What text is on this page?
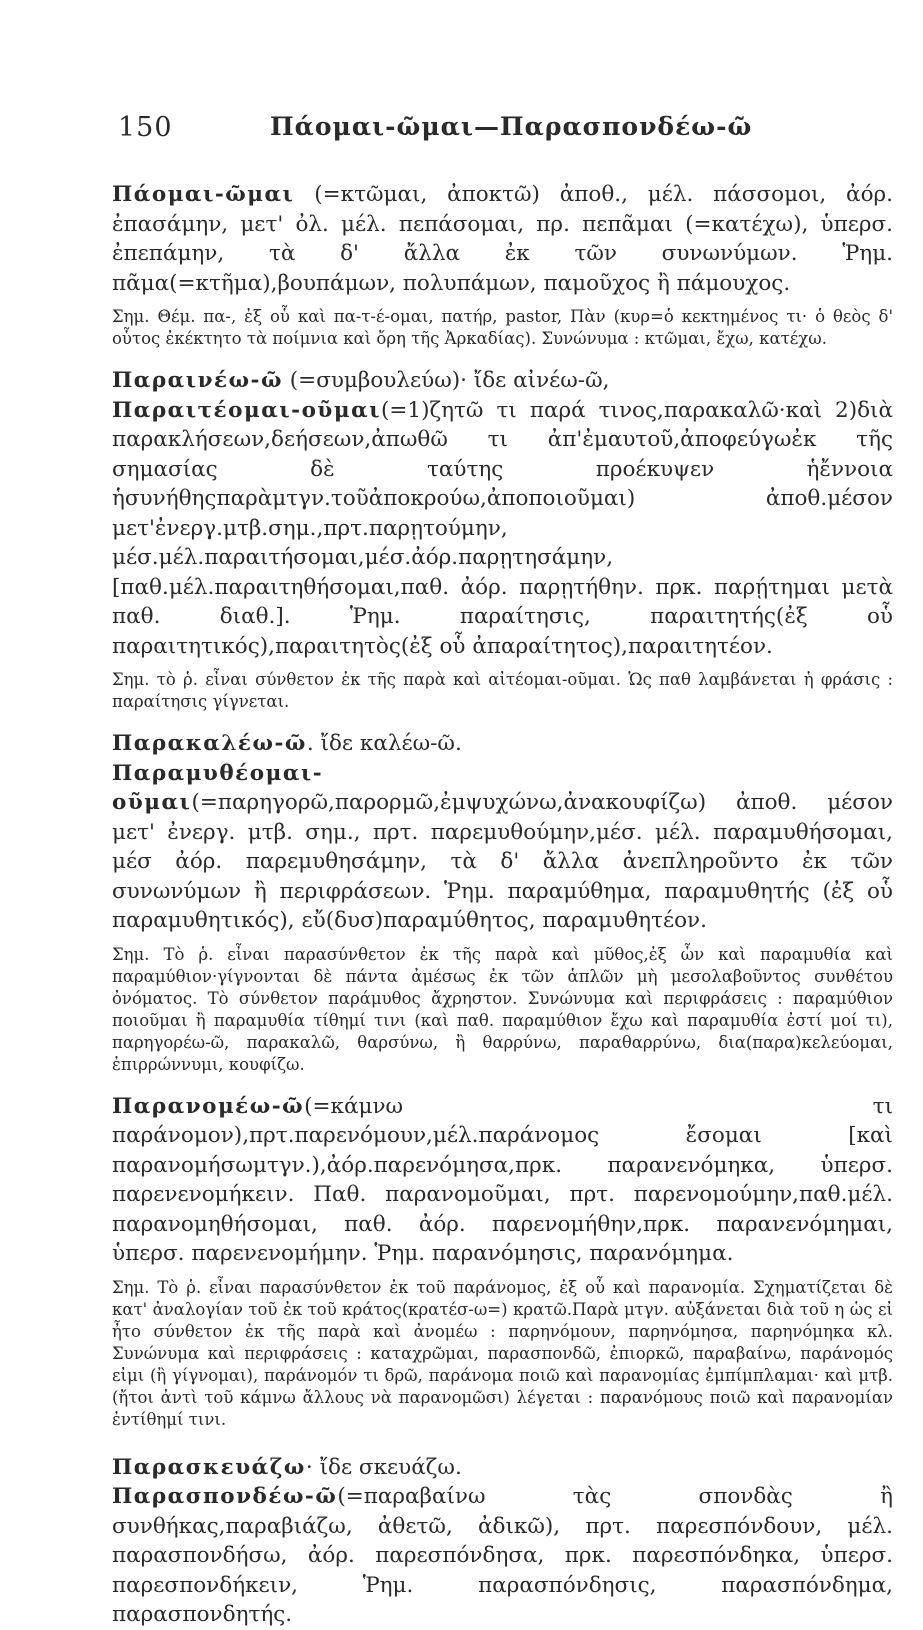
150	Πάομαι-ῶμαι—Παρασπονδέω-ῶ

Πάομαι-ῶμαι (=κτῶμαι, ἀποκτῶ) ἀποθ., μέλ. πάσσομοι, ἀόρ. ἐπασάμην, μετ' ὀλ. μέλ. πεπάσομαι, πρ. πεπᾶμαι (=κατέχω), ὑπερσ. ἐπεπάμην, τὰ δ' ἄλλα ἐκ τῶν συνωνύμων. Ῥημ. πᾶμα(=κτῆμα),βουπάμων, πολυπάμων, παμοῦχος ἢ πάμουχος.

Σημ. Θέμ. πα-, ἐξ οὗ καὶ πα-τ-έ-ομαι, πατήρ, pastor, Πὰν (κυρ=ὁ κεκτημένος τι· ὁ θεὸς δ' οὗτος ἐκέκτητο τὰ ποίμνια καὶ ὄρη τῆς Ἀρκαδίας). Συνώνυμα : κτῶμαι, ἔχω, κατέχω.

Παραινέω-ῶ (=συμβουλεύω)· ἴδε αἰνέω-ῶ,

Παραιτέομαι-οῦμαι(=1)ζητῶ τι παρά τινος,παρακαλῶ·καὶ 2)διὰ παρακλήσεων,δεήσεων,ἀπωθῶ τι ἀπ'ἐμαυτοῦ,ἀποφεύγωἐκ τῆς σημασίας δὲ ταύτης προέκυψεν ἡἔννοια ἡσυνήθηςπαρὰμτγν.τοῦἀποκρούω,ἀποποιοῦμαι) ἀποθ.μέσον μετ'ἐνεργ.μτβ.σημ.,πρτ.παρῃτούμην, μέσ.μέλ.παραιτήσομαι,μέσ.ἀόρ.παρῃτησάμην,[παθ.μέλ.παραιτηθήσομαι,παθ. ἀόρ. παρῃτήθην. πρκ. παρῄτημαι μετὰ παθ. διαθ.]. Ῥημ. παραίτησις, παραιτητής(ἐξ οὗ παραιτητικός),παραιτητὸς(ἐξ οὗ ἀπαραίτητος),παραιτητέον.

Σημ. τὸ ῥ. εἶναι σύνθετον ἐκ τῆς παρὰ καὶ αἰτέομαι-οῦμαι. Ὡς παθ λαμβάνεται ἡ φράσις : παραίτησις γίγνεται.

Παρακαλέω-ῶ. ἴδε καλέω-ῶ.

Παραμυθέομαι-οῦμαι(=παρηγορῶ,παρορμῶ,ἐμψυχώνω,ἀνακουφίζω) ἀποθ. μέσον μετ' ἐνεργ. μτβ. σημ., πρτ. παρεμυθούμην,μέσ. μέλ. παραμυθήσομαι, μέσ ἀόρ. παρεμυθησάμην, τὰ δ' ἄλλα ἀνεπληροῦντο ἐκ τῶν συνωνύμων ἢ περιφράσεων. Ῥημ. παραμύθημα, παραμυθητής (ἐξ οὗ παραμυθητικός), εὔ(δυσ)παραμύθητος, παραμυθητέον.

Σημ. Τὸ ῥ. εἶναι παρασύνθετον ἐκ τῆς παρὰ καὶ μῦθος,ἐξ ὧν καὶ παραμυθία καὶ παραμύθιον·γίγνονται δὲ πάντα ἀμέσως ἐκ τῶν ἁπλῶν μὴ μεσολαβοῦντος συνθέτου ὀνόματος. Τὸ σύνθετον παράμυθος ἄχρηστον. Συνώνυμα καὶ περιφράσεις : παραμύθιον ποιοῦμαι ἢ παραμυθία τίθημί τινι (καὶ παθ. παραμύθιον ἔχω καὶ παραμυθία ἐστί μοί τι), παρηγορέω-ῶ, παρακαλῶ, θαρσύνω, ἢ θαρρύνω, παραθαρρύνω, δια(παρα)κελεύομαι, ἐπιρρώννυμι, κουφίζω.

Παρανομέω-ῶ(=κάμνω τι παράνομον),πρτ.παρενόμουν,μέλ.παράνομος ἔσομαι [καὶ παρανομήσωμτγν.),ἀόρ.παρενόμησα,πρκ. παρανενόμηκα, ὑπερσ. παρενενομήκειν. Παθ. παρανομοῦμαι, πρτ. παρενομούμην,παθ.μέλ. παρανομηθήσομαι, παθ. ἀόρ. παρενομήθην,πρκ. παρανενόμημαι, ὑπερσ. παρενενομήμην. Ῥημ. παρανόμησις, παρανόμημα.

Σημ. Τὸ ῥ. εἶναι παρασύνθετον ἐκ τοῦ παράνομος, ἐξ οὗ καὶ παρανομία. Σχηματίζεται δὲ κατ' ἀναλογίαν τοῦ ἐκ τοῦ κράτος(κρατέσ-ω=) κρατῶ.Παρὰ μτγν. αὐξάνεται διὰ τοῦ η ὡς εἰ ἦτο σύνθετον ἐκ τῆς παρὰ καὶ ἀνομέω : παρηνόμουν, παρηνόμησα, παρηνόμηκα κλ. Συνώνυμα καὶ περιφράσεις : καταχρῶμαι, παρασπονδῶ, ἐπιορκῶ, παραβαίνω, παράνομός εἰμι (ἢ γίγνομαι), παράνομόν τι δρῶ, παράνομα ποιῶ καὶ παρανομίας ἐμπίμπλαμαι· καὶ μτβ. (ἤτοι ἀντὶ τοῦ κάμνω ἄλλους νὰ παρανομῶσι) λέγεται : παρανόμους ποιῶ καὶ παρανομίαν ἐντίθημί τινι.

Παρασκευάζω· ἴδε σκευάζω.

Παρασπονδέω-ῶ(=παραβαίνω τὰς σπονδὰς ἢ συνθήκας,παραβιάζω, ἀθετῶ, ἀδικῶ), πρτ. παρεσπόνδουν, μέλ. παρασπονδήσω, ἀόρ. παρεσπόνδησα, πρκ. παρεσπόνδηκα, ὑπερσ. παρεσπονδήκειν, Ῥημ. παρασπόνδησις, παρασπόνδημα, παρασπονδητής.
